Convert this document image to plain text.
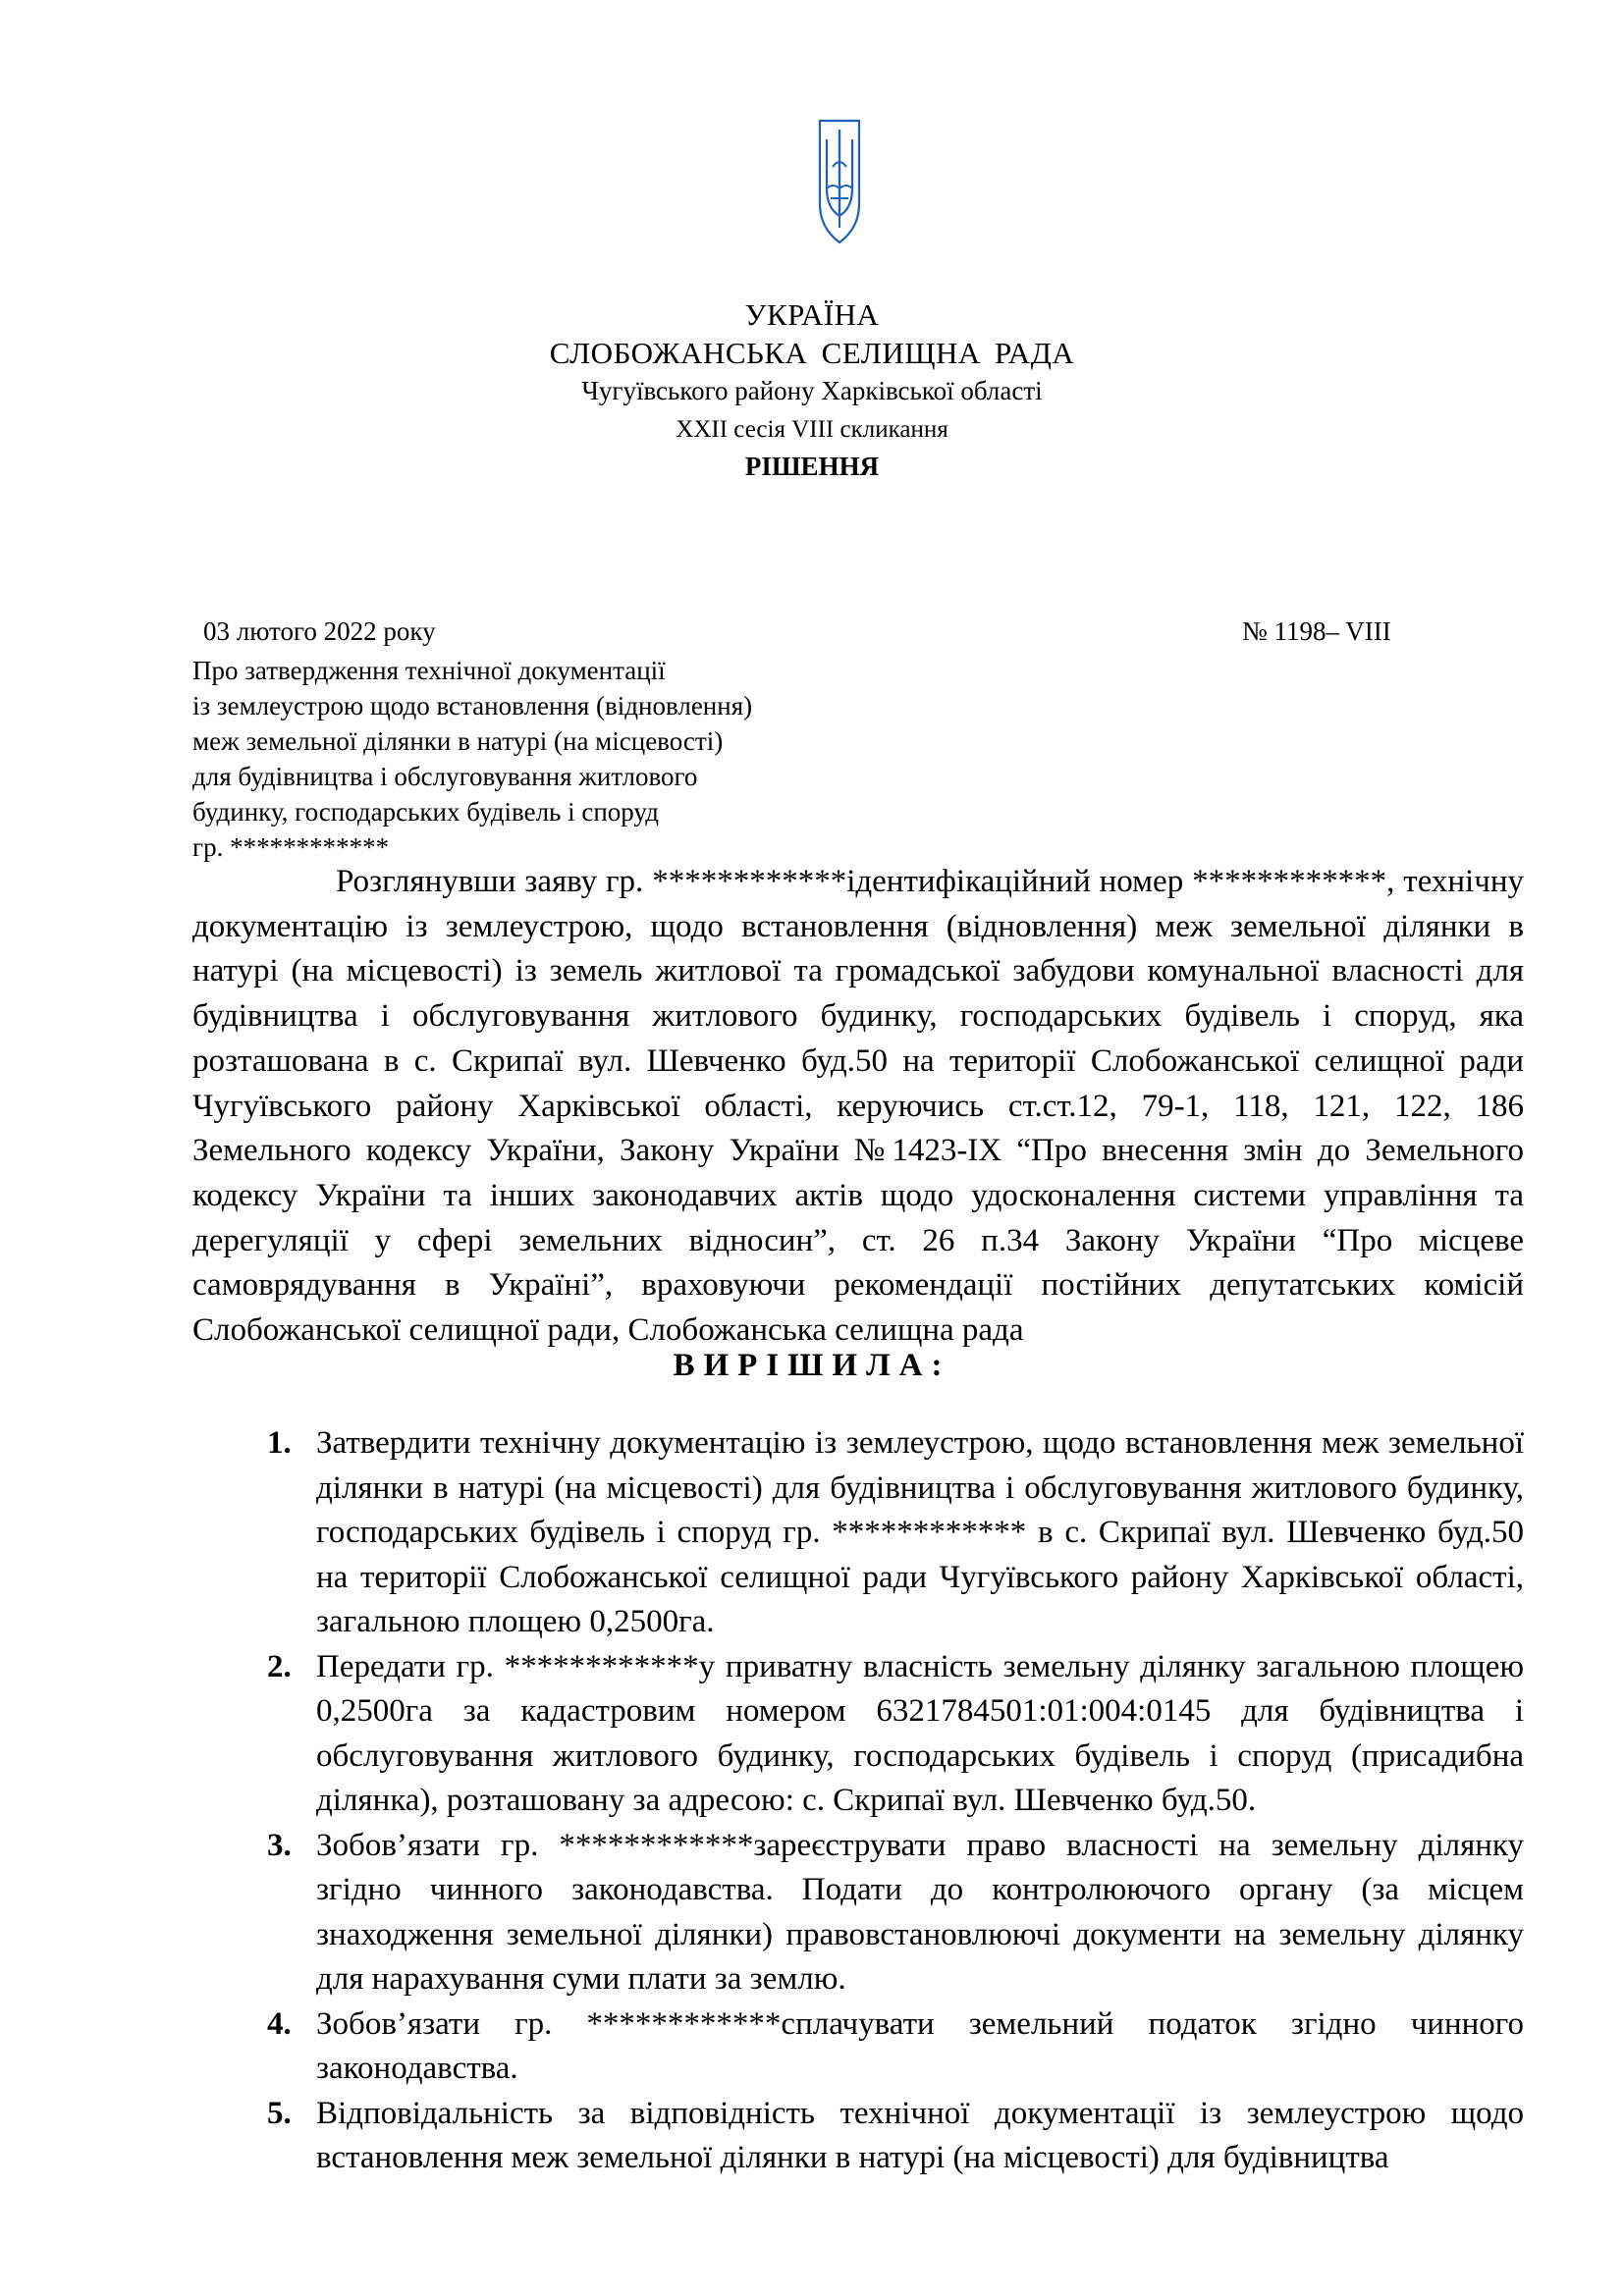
УКРАЇНА
СЛОБОЖАНСЬКА СЕЛИЩНА РАДА
Чугуївського району Харківської області
XXII сесія VIII скликання
РІШЕННЯ
03 лютого 2022 року	№ 1198– VIII
Про затвердження технічної документації
із землеустрою щодо встановлення (відновлення)
меж земельної ділянки в натурі (на місцевості)
для будівництва і обслуговування житлового
будинку, господарських будівель і споруд
гр. ************
Розглянувши заяву гр. ************ідентифікаційний номер ************, технічну документацію із землеустрою, щодо встановлення (відновлення) меж земельної ділянки в натурі (на місцевості) із земель житлової та громадської забудови комунальної власності для будівництва і обслуговування житлового будинку, господарських будівель і споруд, яка розташована в с. Скрипаї вул. Шевченко буд.50 на території Слобожанської селищної ради Чугуївського району Харківської області, керуючись ст.ст.12, 79-1, 118, 121, 122, 186 Земельного кодексу України, Закону України №1423-IX “Про внесення змін до Земельного кодексу України та інших законодавчих актів щодо удосконалення системи управління та дерегуляції у сфері земельних відносин”, ст. 26 п.34 Закону України “Про місцеве самоврядування в Україні”, враховуючи рекомендації постійних депутатських комісій Слобожанської селищної ради, Слобожанська селищна рада
ВИРІШИЛА:
1. Затвердити технічну документацію із землеустрою, щодо встановлення меж земельної ділянки в натурі (на місцевості) для будівництва і обслуговування житлового будинку, господарських будівель і споруд гр. ************ в с. Скрипаї вул. Шевченко буд.50 на території Слобожанської селищної ради Чугуївського району Харківської області, загальною площею 0,2500га.
2. Передати гр. ************у приватну власність земельну ділянку загальною площею 0,2500га за кадастровим номером 6321784501:01:004:0145 для будівництва і обслуговування житлового будинку, господарських будівель і споруд (присадибна ділянка), розташовану за адресою: с. Скрипаї вул. Шевченко буд.50.
3. Зобов’язати гр. ************зареєструвати право власності на земельну ділянку згідно чинного законодавства. Подати до контролюючого органу (за місцем знаходження земельної ділянки) правовстановлюючі документи на земельну ділянку для нарахування суми плати за землю.
4. Зобов’язати гр. ************сплачувати земельний податок згідно чинного законодавства.
5. Відповідальність за відповідність технічної документації із землеустрою щодо встановлення меж земельної ділянки в натурі (на місцевості) для будівництва
